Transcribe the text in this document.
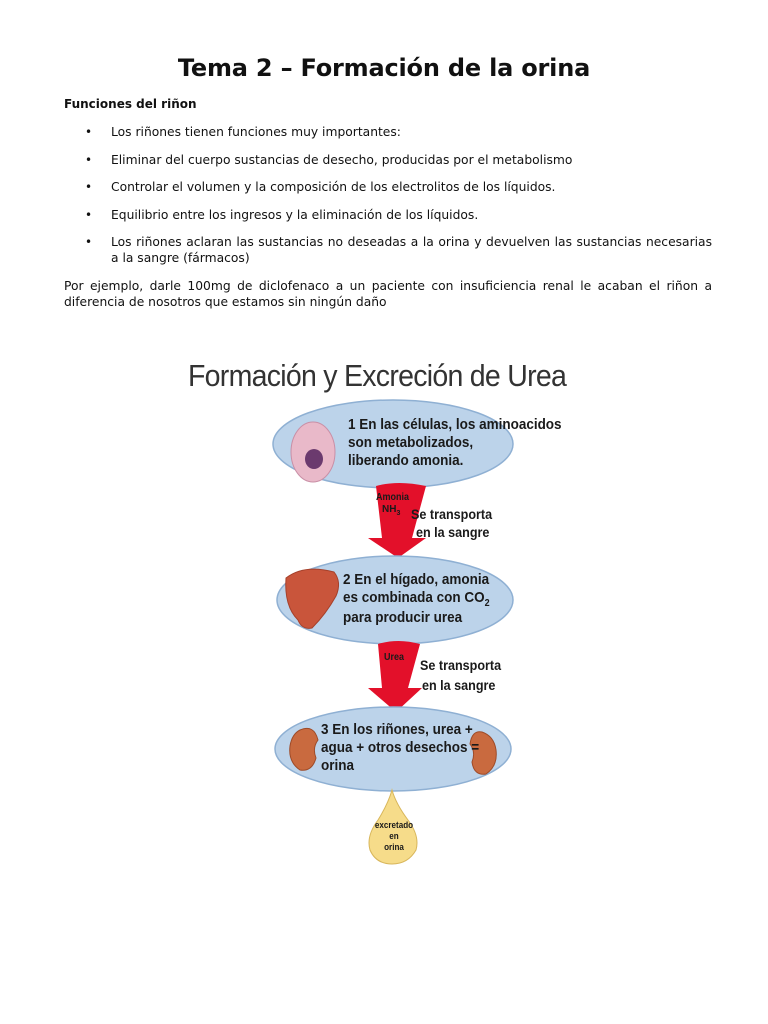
Tema 2 – Formación de la orina
Funciones del riñon
• Los riñones tienen funciones muy importantes:
• Eliminar del cuerpo sustancias de desecho, producidas por el metabolismo
• Controlar el volumen y la composición de los electrolitos de los líquidos.
• Equilibrio entre los ingresos y la eliminación de los líquidos.
• Los riñones aclaran las sustancias no deseadas a la orina y devuelven las sustancias necesarias a la sangre (fármacos)

Por ejemplo, darle 100mg de diclofenaco a un paciente con insuficiencia renal le acaban el riñon a diferencia de nosotros que estamos sin ningún daño

Formación y Excreción de Urea
1 En las células, los aminoacidos
son metabolizados,
liberando amonia.
Amonia
$NH_3$ Se transporta
en la sangre
2 En el hígado, amonia
es combinada con $CO_2$
para producir urea
Urea
Se transporta
en la sangre
3 En los riñones, urea +
agua + otros desechos =
orina
excretado
en
orina
